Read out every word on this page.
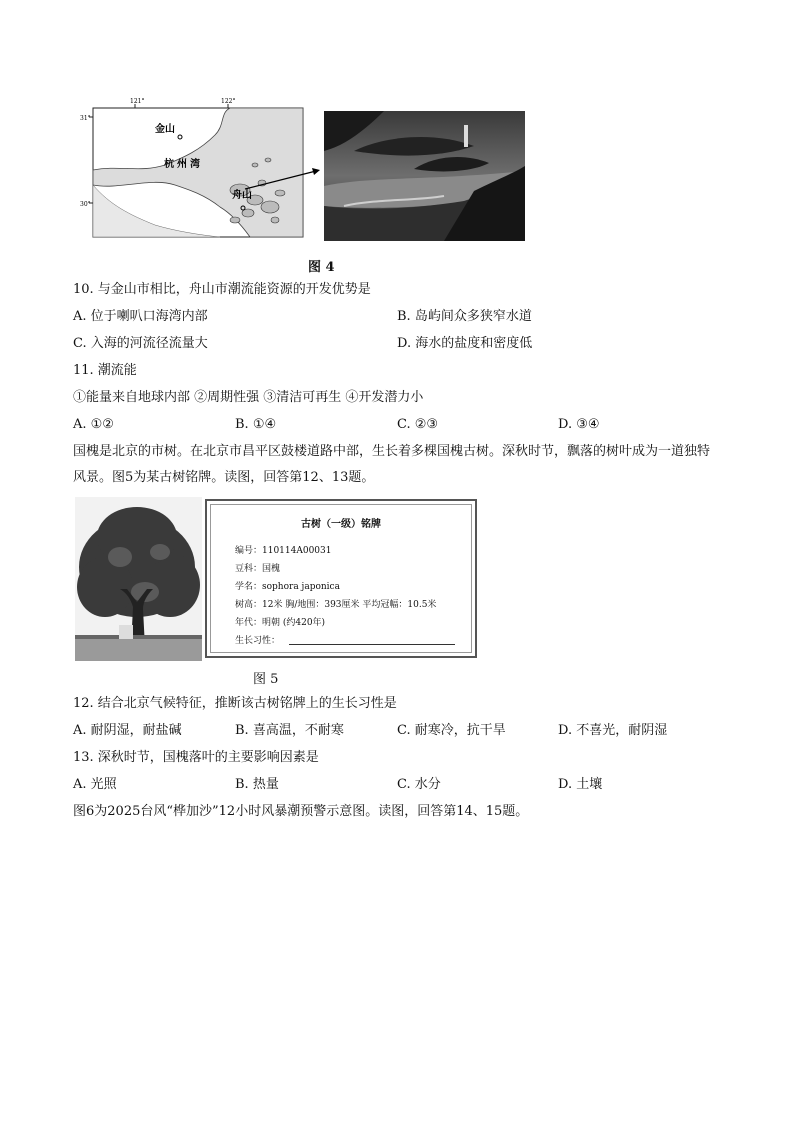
121°	122°
31°
30°
金山
杭州湾
舟山
图 4
10. 与金山市相比，舟山市潮流能资源的开发优势是
A. 位于喇叭口海湾内部	B. 岛屿间众多狭窄水道
C. 入海的河流径流量大	D. 海水的盐度和密度低
11. 潮流能
①能量来自地球内部 ②周期性强 ③清洁可再生 ④开发潜力小
A. ①②	B. ①④	C. ②③	D. ③④
国槐是北京的市树。在北京市昌平区鼓楼道路中部，生长着多棵国槐古树。深秋时节，飘落的树叶成为一道独特风景。图5为某古树铭牌。读图，回答第12、13题。
古树（一级）铭牌
编号：110114A00031
豆科：国槐
学名：sophora japonica
树高：12米 胸/地围：393厘米 平均冠幅：10.5米
年代：明朝 (约420年)
生长习性：
图 5
12. 结合北京气候特征，推断该古树铭牌上的生长习性是
A. 耐阴湿，耐盐碱	B. 喜高温，不耐寒	C. 耐寒冷，抗干旱	D. 不喜光，耐阴湿
13. 深秋时节，国槐落叶的主要影响因素是
A. 光照	B. 热量	C. 水分	D. 土壤
图6为2025台风“桦加沙”12小时风暴潮预警示意图。读图，回答第14、15题。
